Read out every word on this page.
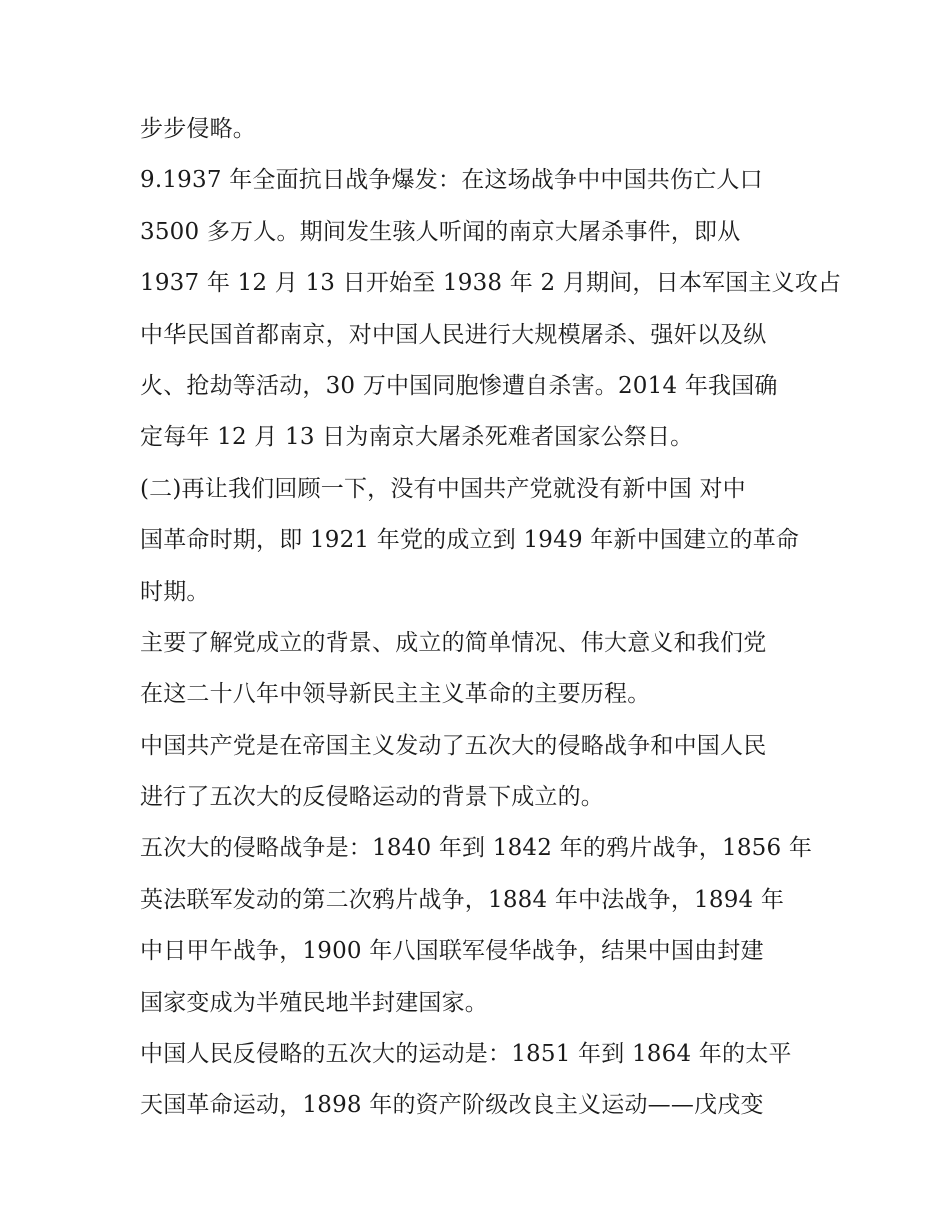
步步侵略。
9.1937 年全面抗日战争爆发：在这场战争中中国共伤亡人口
3500 多万人。期间发生骇人听闻的南京大屠杀事件，即从
1937 年 12 月 13 日开始至 1938 年 2 月期间，日本军国主义攻占
中华民国首都南京，对中国人民进行大规模屠杀、强奸以及纵
火、抢劫等活动，30 万中国同胞惨遭自杀害。2014 年我国确
定每年 12 月 13 日为南京大屠杀死难者国家公祭日。
(二)再让我们回顾一下，没有中国共产党就没有新中国 对中
国革命时期，即 1921 年党的成立到 1949 年新中国建立的革命
时期。
主要了解党成立的背景、成立的简单情况、伟大意义和我们党
在这二十八年中领导新民主主义革命的主要历程。
中国共产党是在帝国主义发动了五次大的侵略战争和中国人民
进行了五次大的反侵略运动的背景下成立的。
五次大的侵略战争是：1840 年到 1842 年的鸦片战争，1856 年
英法联军发动的第二次鸦片战争，1884 年中法战争，1894 年
中日甲午战争，1900 年八国联军侵华战争，结果中国由封建
国家变成为半殖民地半封建国家。
中国人民反侵略的五次大的运动是：1851 年到 1864 年的太平
天国革命运动，1898 年的资产阶级改良主义运动——戊戌变
